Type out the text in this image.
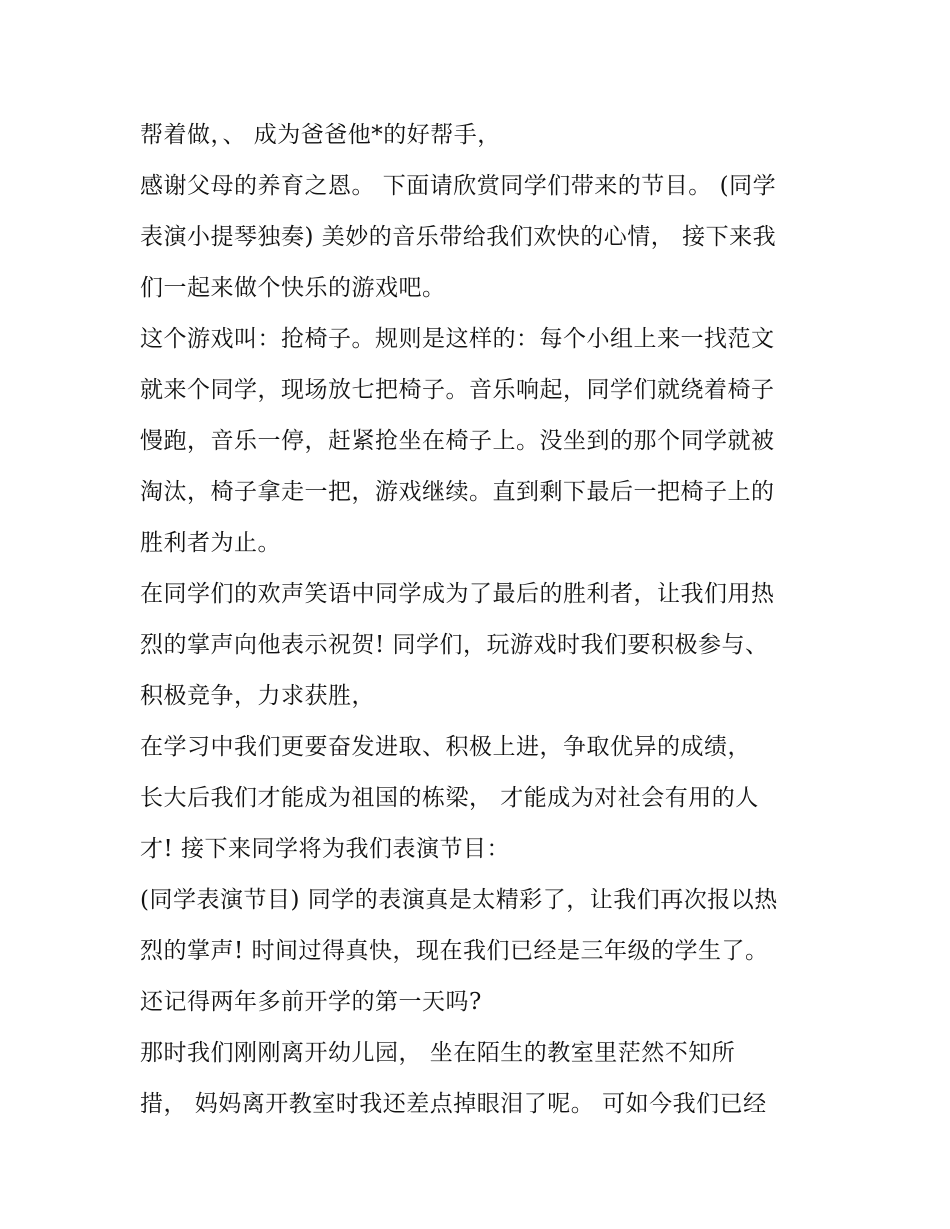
帮着做，、 成为爸爸他*的好帮手，
感谢父母的养育之恩。 下面请欣赏同学们带来的节目。 (同学
表演小提琴独奏) 美妙的音乐带给我们欢快的心情， 接下来我
们一起来做个快乐的游戏吧。
这个游戏叫：抢椅子。规则是这样的：每个小组上来一找范文
就来个同学，现场放七把椅子。音乐响起，同学们就绕着椅子
慢跑，音乐一停，赶紧抢坐在椅子上。没坐到的那个同学就被
淘汰，椅子拿走一把，游戏继续。直到剩下最后一把椅子上的
胜利者为止。
在同学们的欢声笑语中同学成为了最后的胜利者，让我们用热
烈的掌声向他表示祝贺! 同学们，玩游戏时我们要积极参与、
积极竞争，力求获胜，
在学习中我们更要奋发进取、积极上进，争取优异的成绩，
长大后我们才能成为祖国的栋梁， 才能成为对社会有用的人
才! 接下来同学将为我们表演节目：
(同学表演节目) 同学的表演真是太精彩了，让我们再次报以热
烈的掌声! 时间过得真快，现在我们已经是三年级的学生了。
还记得两年多前开学的第一天吗?
那时我们刚刚离开幼儿园， 坐在陌生的教室里茫然不知所
措， 妈妈离开教室时我还差点掉眼泪了呢。 可如今我们已经
